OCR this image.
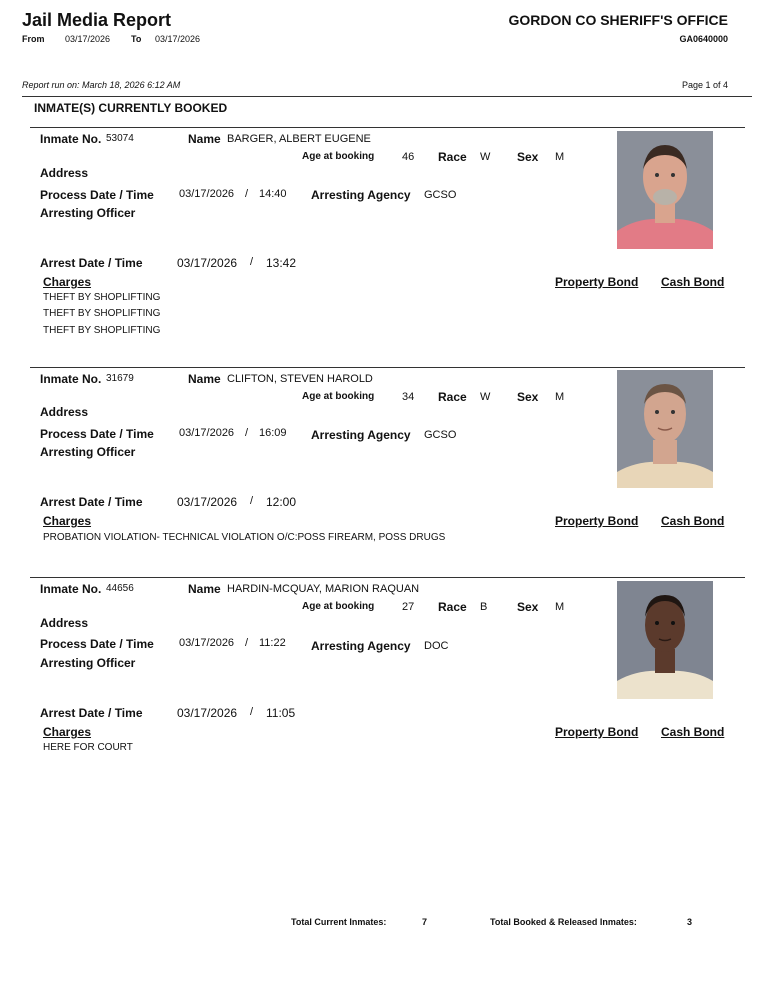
Jail Media Report
From 03/17/2026 To 03/17/2026
GORDON CO SHERIFF'S OFFICE
GA0640000
Report run on: March 18, 2026 6:12 AM	Page 1 of 4
INMATE(S) CURRENTLY BOOKED
Inmate No. 53074	Name BARGER, ALBERT EUGENE
Age at booking	46 Race W Sex M
Address
Process Date / Time 03/17/2026 / 14:40 Arresting Agency GCSO
Arresting Officer
Arrest Date / Time	03/17/2026 / 13:42
Charges	Property Bond Cash Bond
THEFT BY SHOPLIFTING
THEFT BY SHOPLIFTING
THEFT BY SHOPLIFTING
Inmate No. 31679	Name CLIFTON, STEVEN HAROLD
Age at booking	34 Race W Sex M
Address
Process Date / Time 03/17/2026 / 16:09 Arresting Agency GCSO
Arresting Officer
Arrest Date / Time	03/17/2026 / 12:00
Charges	Property Bond Cash Bond
PROBATION VIOLATION- TECHNICAL VIOLATION O/C:POSS FIREARM, POSS DRUGS
Inmate No. 44656	Name HARDIN-MCQUAY, MARION RAQUAN
Age at booking	27 Race B Sex M
Address
Process Date / Time 03/17/2026 / 11:22 Arresting Agency DOC
Arresting Officer
Arrest Date / Time	03/17/2026 / 11:05
Charges	Property Bond Cash Bond
HERE FOR COURT
Total Current Inmates:	7	Total Booked & Released Inmates:	3
